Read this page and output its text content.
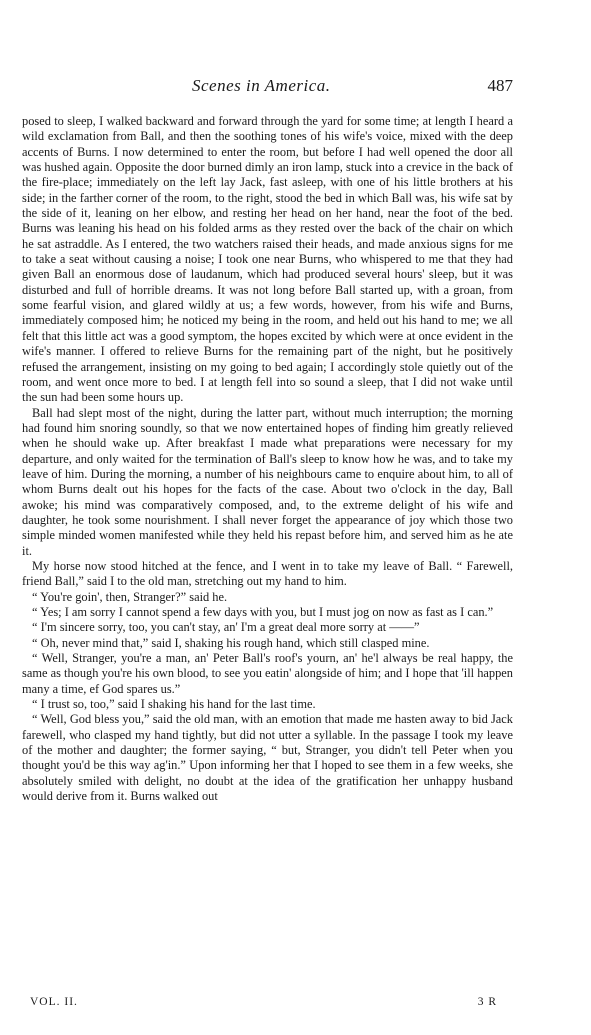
Scenes in America.	487

posed to sleep, I walked backward and forward through the yard for some time; at length I heard a wild exclamation from Ball, and then the soothing tones of his wife's voice, mixed with the deep accents of Burns. I now determined to enter the room, but before I had well opened the door all was hushed again. Opposite the door burned dimly an iron lamp, stuck into a crevice in the back of the fire-place; immediately on the left lay Jack, fast asleep, with one of his little brothers at his side; in the farther corner of the room, to the right, stood the bed in which Ball was, his wife sat by the side of it, leaning on her elbow, and resting her head on her hand, near the foot of the bed. Burns was leaning his head on his folded arms as they rested over the back of the chair on which he sat astraddle. As I entered, the two watchers raised their heads, and made anxious signs for me to take a seat without causing a noise; I took one near Burns, who whispered to me that they had given Ball an enormous dose of laudanum, which had produced several hours' sleep, but it was disturbed and full of horrible dreams. It was not long before Ball started up, with a groan, from some fearful vision, and glared wildly at us; a few words, however, from his wife and Burns, immediately composed him; he noticed my being in the room, and held out his hand to me; we all felt that this little act was a good symptom, the hopes excited by which were at once evident in the wife's manner. I offered to relieve Burns for the remaining part of the night, but he positively refused the arrangement, insisting on my going to bed again; I accordingly stole quietly out of the room, and went once more to bed. I at length fell into so sound a sleep, that I did not wake until the sun had been some hours up.

Ball had slept most of the night, during the latter part, without much interruption; the morning had found him snoring soundly, so that we now entertained hopes of finding him greatly relieved when he should wake up. After breakfast I made what preparations were necessary for my departure, and only waited for the termination of Ball's sleep to know how he was, and to take my leave of him. During the morning, a number of his neighbours came to enquire about him, to all of whom Burns dealt out his hopes for the facts of the case. About two o'clock in the day, Ball awoke; his mind was comparatively composed, and, to the extreme delight of his wife and daughter, he took some nourishment. I shall never forget the appearance of joy which those two simple minded women manifested while they held his repast before him, and served him as he ate it.

My horse now stood hitched at the fence, and I went in to take my leave of Ball. “ Farewell, friend Ball,” said I to the old man, stretching out my hand to him.

“ You're goin', then, Stranger?” said he.

“ Yes; I am sorry I cannot spend a few days with you, but I must jog on now as fast as I can.”

“ I'm sincere sorry, too, you can't stay, an' I'm a great deal more sorry at ——”

“ Oh, never mind that,” said I, shaking his rough hand, which still clasped mine.

“ Well, Stranger, you're a man, an' Peter Ball's roof's yourn, an' he'l always be real happy, the same as though you're his own blood, to see you eatin' alongside of him; and I hope that 'ill happen many a time, ef God spares us.”

“ I trust so, too,” said I shaking his hand for the last time.

“ Well, God bless you,” said the old man, with an emotion that made me hasten away to bid Jack farewell, who clasped my hand tightly, but did not utter a syllable. In the passage I took my leave of the mother and daughter; the former saying, “ but, Stranger, you didn't tell Peter when you thought you'd be this way ag'in.” Upon informing her that I hoped to see them in a few weeks, she absolutely smiled with delight, no doubt at the idea of the gratification her unhappy husband would derive from it. Burns walked out

VOL. II.	3 R
